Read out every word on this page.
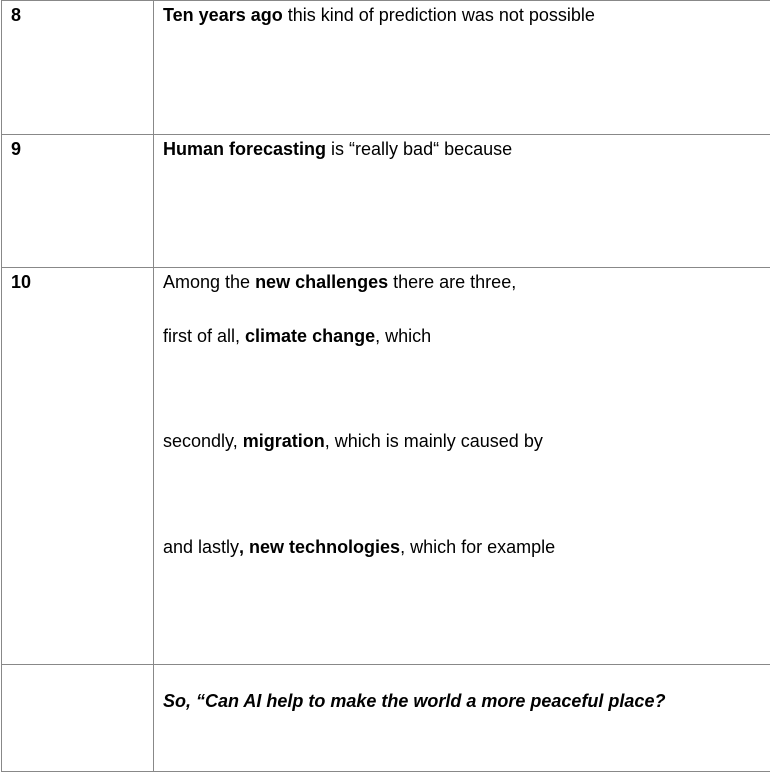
8	Ten years ago this kind of prediction was not possible

9	Human forecasting is “really bad“ because

10	Among the new challenges there are three,
first of all, climate change, which
secondly, migration, which is mainly caused by
and lastly, new technologies, which for example

	So, “Can AI help to make the world a more peaceful place?
